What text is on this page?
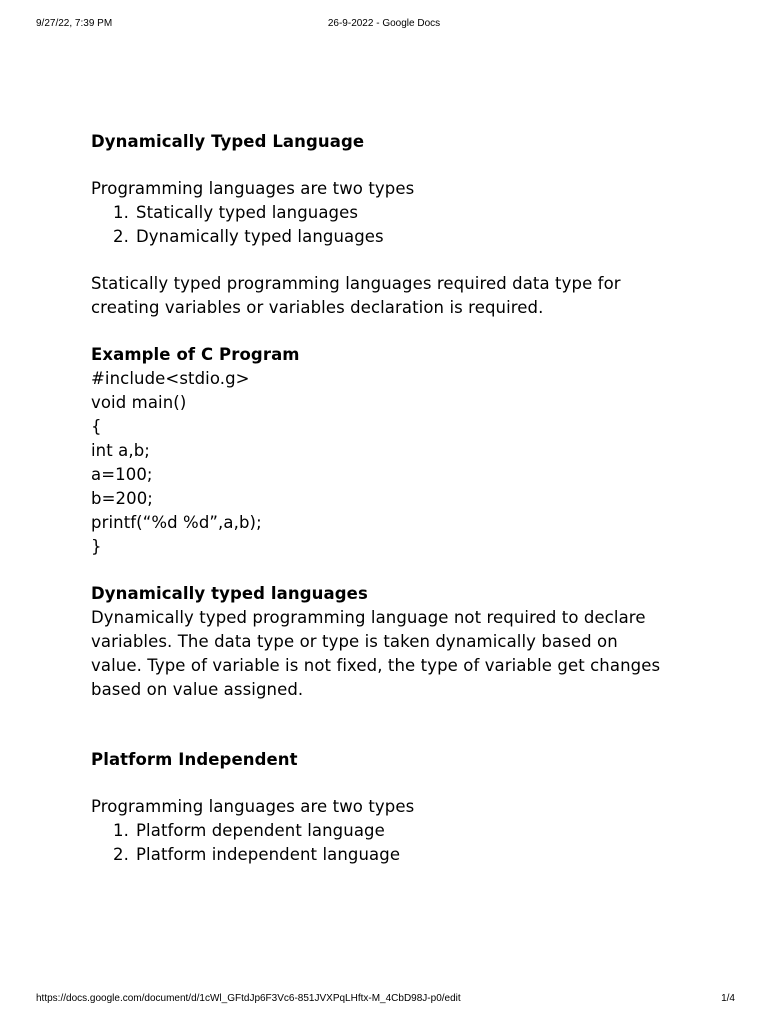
9/27/22, 7:39 PM	26-9-2022 - Google Docs

Dynamically Typed Language

Programming languages are two types

1. Statically typed languages
2. Dynamically typed languages

Statically typed programming languages required data type for

creating variables or variables declaration is required.

Example of C Program

#include<stdio.g>

void main()

{

int a,b;

a=100;

b=200;

printf(“%d %d”,a,b);

}

Dynamically typed languages

Dynamically typed programming language not required to declare

variables. The data type or type is taken dynamically based on

value. Type of variable is not fixed, the type of variable get changes

based on value assigned.

Platform Independent

Programming languages are two types

1. Platform dependent language
2. Platform independent language
https://docs.google.com/document/d/1cWl_GFtdJp6F3Vc6-851JVXPqLHftx-M_4CbD98J-p0/edit	1/4
